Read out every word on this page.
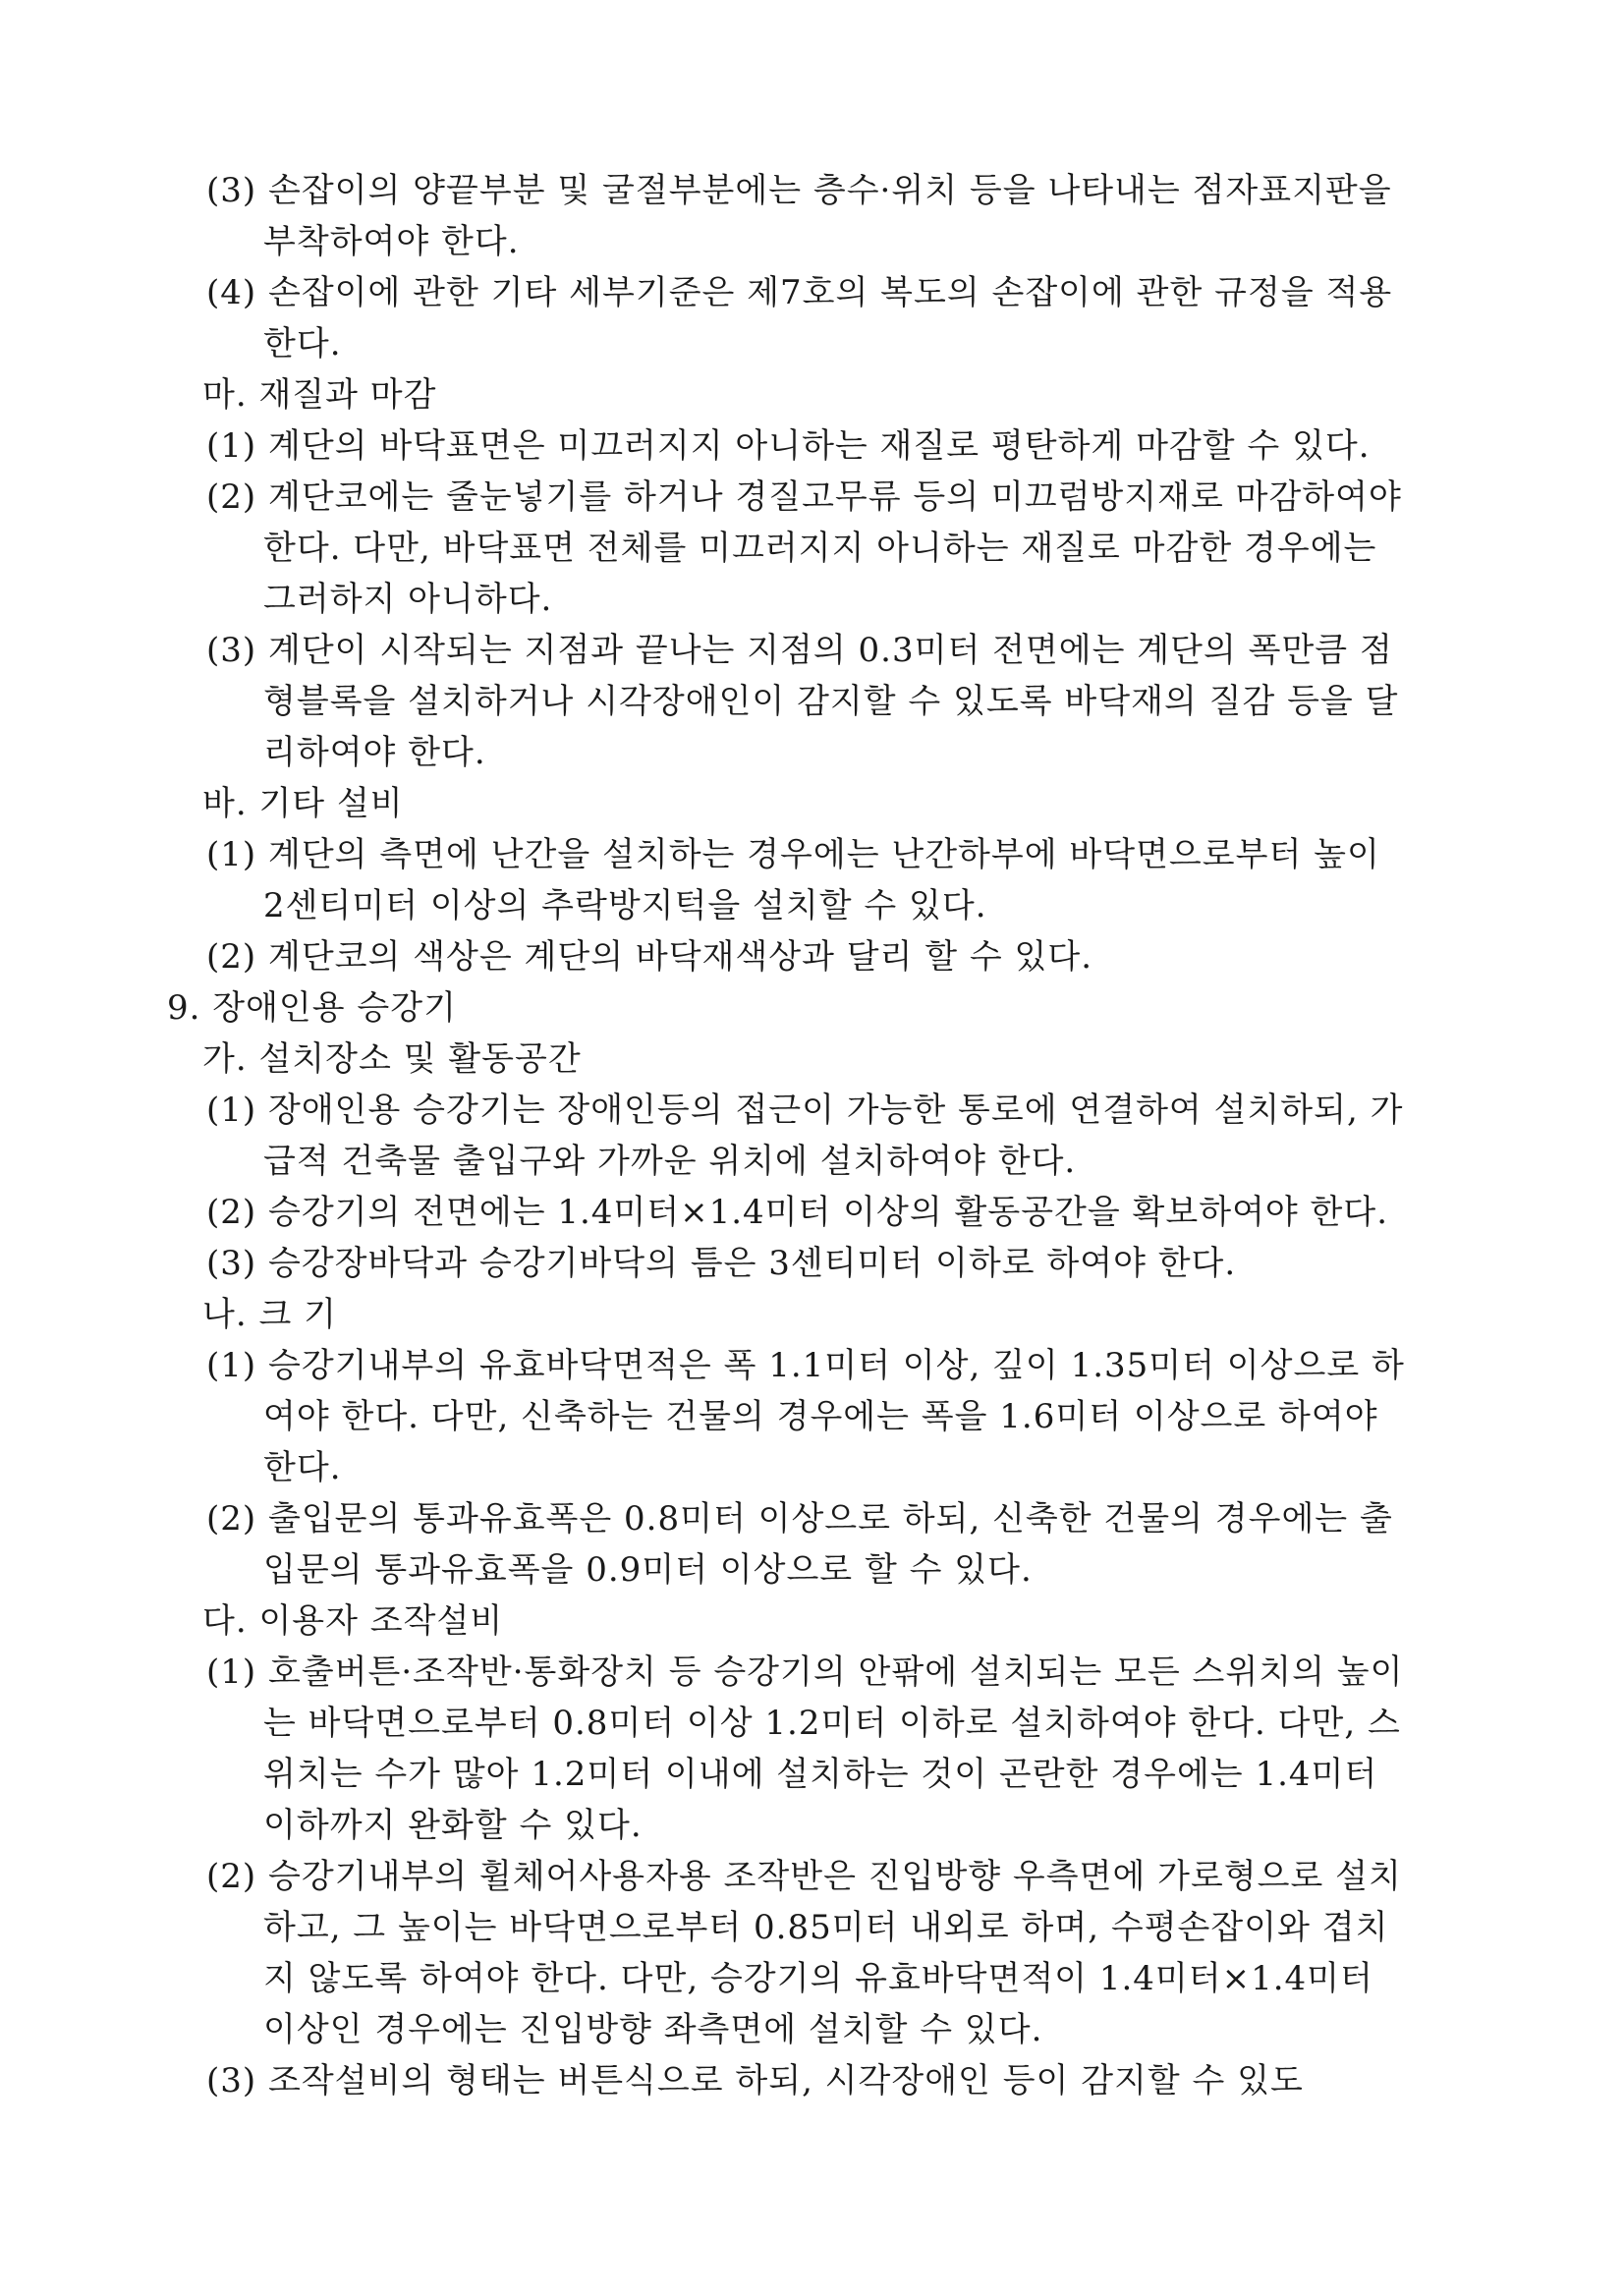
(3) 손잡이의 양끝부분 및 굴절부분에는 층수·위치 등을 나타내는 점자표지판을 부착하여야 한다.

(4) 손잡이에 관한 기타 세부기준은 제7호의 복도의 손잡이에 관한 규정을 적용한다.

마. 재질과 마감

(1) 계단의 바닥표면은 미끄러지지 아니하는 재질로 평탄하게 마감할 수 있다.

(2) 계단코에는 줄눈넣기를 하거나 경질고무류 등의 미끄럼방지재로 마감하여야 한다. 다만, 바닥표면 전체를 미끄러지지 아니하는 재질로 마감한 경우에는 그러하지 아니하다.

(3) 계단이 시작되는 지점과 끝나는 지점의 0.3미터 전면에는 계단의 폭만큼 점형블록을 설치하거나 시각장애인이 감지할 수 있도록 바닥재의 질감 등을 달리하여야 한다.

바. 기타 설비

(1) 계단의 측면에 난간을 설치하는 경우에는 난간하부에 바닥면으로부터 높이 2센티미터 이상의 추락방지턱을 설치할 수 있다.

(2) 계단코의 색상은 계단의 바닥재색상과 달리 할 수 있다.

9. 장애인용 승강기

가. 설치장소 및 활동공간

(1) 장애인용 승강기는 장애인등의 접근이 가능한 통로에 연결하여 설치하되, 가급적 건축물 출입구와 가까운 위치에 설치하여야 한다.

(2) 승강기의 전면에는 1.4미터×1.4미터 이상의 활동공간을 확보하여야 한다.

(3) 승강장바닥과 승강기바닥의 틈은 3센티미터 이하로 하여야 한다.

나. 크 기

(1) 승강기내부의 유효바닥면적은 폭 1.1미터 이상, 깊이 1.35미터 이상으로 하여야 한다. 다만, 신축하는 건물의 경우에는 폭을 1.6미터 이상으로 하여야 한다.

(2) 출입문의 통과유효폭은 0.8미터 이상으로 하되, 신축한 건물의 경우에는 출입문의 통과유효폭을 0.9미터 이상으로 할 수 있다.

다. 이용자 조작설비

(1) 호출버튼·조작반·통화장치 등 승강기의 안팎에 설치되는 모든 스위치의 높이는 바닥면으로부터 0.8미터 이상 1.2미터 이하로 설치하여야 한다. 다만, 스위치는 수가 많아 1.2미터 이내에 설치하는 것이 곤란한 경우에는 1.4미터 이하까지 완화할 수 있다.

(2) 승강기내부의 휠체어사용자용 조작반은 진입방향 우측면에 가로형으로 설치하고, 그 높이는 바닥면으로부터 0.85미터 내외로 하며, 수평손잡이와 겹치지 않도록 하여야 한다. 다만, 승강기의 유효바닥면적이 1.4미터×1.4미터 이상인 경우에는 진입방향 좌측면에 설치할 수 있다.

(3) 조작설비의 형태는 버튼식으로 하되, 시각장애인 등이 감지할 수 있도
